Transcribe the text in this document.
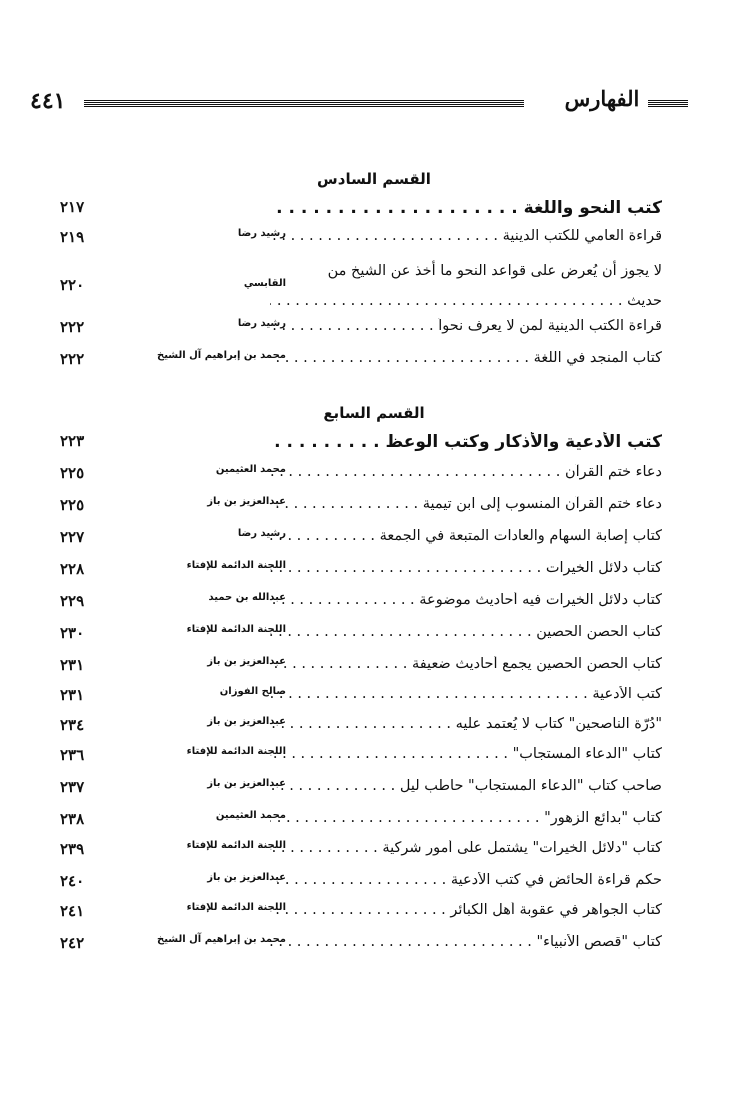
٤٤١	الفهارس
القسم السادس
كتب النحو واللغة . . .
٢١٧
قراءة العامي للكتب الدينية . . .
رشيد رضا
٢١٩
لا يجوز أن يُعرض على قواعد النحو ما أخذ عن الشيخ من
حديث . . .
القابسي
٢٢٠
قراءة الكتب الدينية لمن لا يعرف نحواً . . .
رشيد رضا
٢٢٢
كتاب المنجد في اللغة . . .
محمد بن إبراهيم آل الشيخ
٢٢٢
القسم السابع
كتب الأدعية والأذكار وكتب الوعظ . . .
٢٢٣
دعاء ختم القرآن . . .
محمد العثيمين
٢٢٥
دعاء ختم القرآن المنسوب إلى ابن تيمية . . .
عبدالعزيز بن باز
٢٢٥
كتاب إصابة السهام والعادات المتبعة في الجمعة . . .
رشيد رضا
٢٢٧
كتاب دلائل الخيرات . . .
اللجنة الدائمة للإفتاء
٢٢٨
كتاب دلائل الخيرات فيه أحاديث موضوعة . . .
عبدالله بن حميد
٢٢٩
كتاب الحصن الحصين . . .
اللجنة الدائمة للإفتاء
٢٣٠
كتاب الحصن الحصين يجمع أحاديث ضعيفة . . .
عبدالعزيز بن باز
٢٣١
كتب الأدعية . . .
صالح الفوزان
٢٣١
"دُرّة الناصحين" كتاب لا يُعتمد عليه . . .
عبدالعزيز بن باز
٢٣٤
كتاب "الدعاء المستجاب" . . .
اللجنة الدائمة للإفتاء
٢٣٦
صاحب كتاب "الدعاء المستجاب" حاطب ليل . . .
عبدالعزيز بن باز
٢٣٧
كتاب "بدائع الزهور" . . .
محمد العثيمين
٢٣٨
كتاب "دلائل الخيرات" يشتمل على أمور شركية . . .
اللجنة الدائمة للإفتاء
٢٣٩
حكم قراءة الحائض في كتب الأدعية . . .
عبدالعزيز بن باز
٢٤٠
كتاب الجواهر في عقوبة أهل الكبائر . . .
اللجنة الدائمة للإفتاء
٢٤١
كتاب "قصص الأنبياء" . . .
محمد بن إبراهيم آل الشيخ
٢٤٢
